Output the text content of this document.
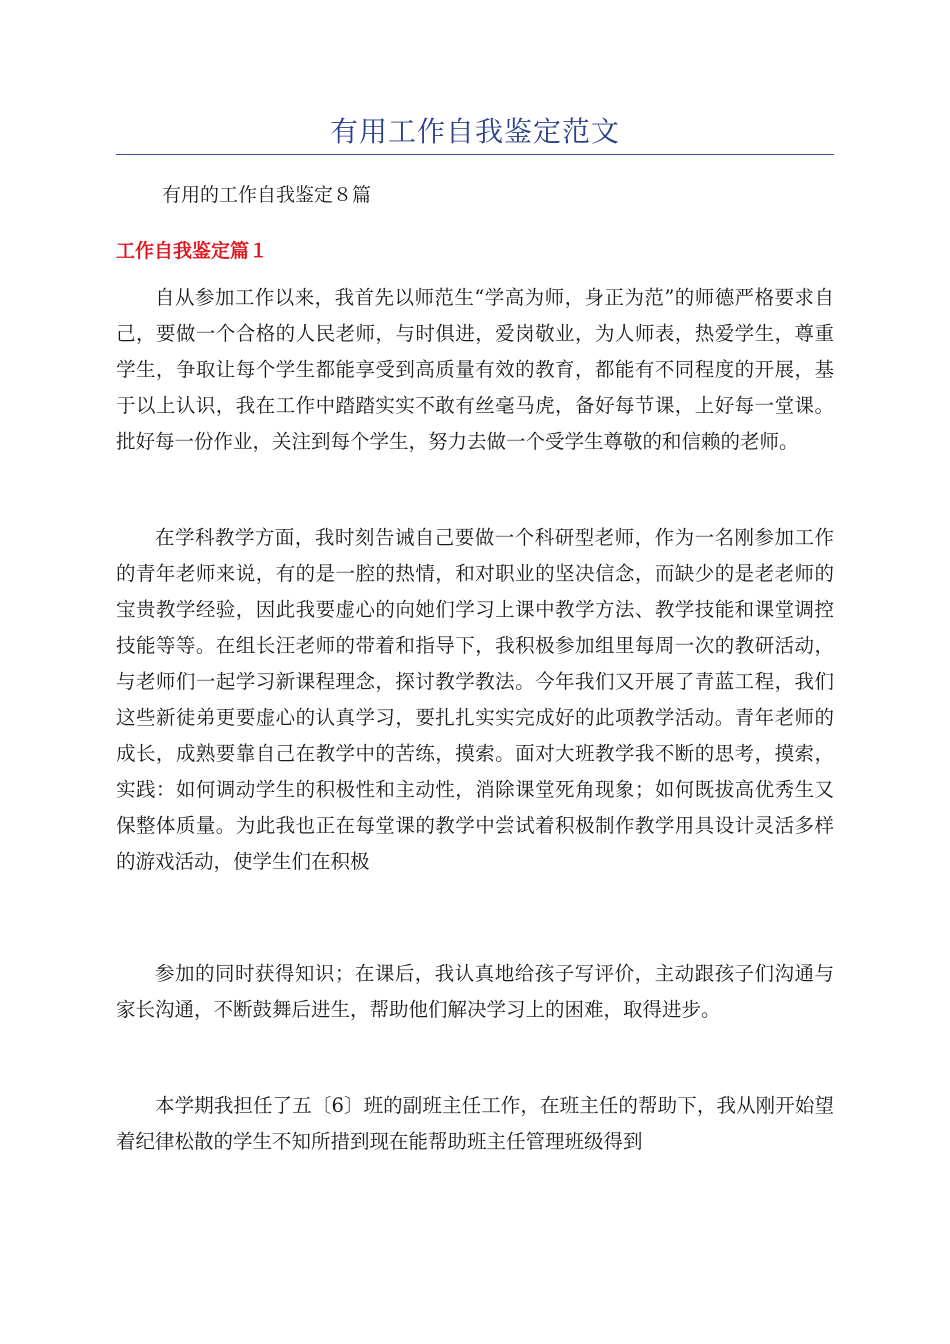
有用工作自我鉴定范文

有用的工作自我鉴定８篇

工作自我鉴定篇１

自从参加工作以来，我首先以师范生“学高为师，身正为范”的师德严格要求自己，要做一个合格的人民老师，与时俱进，爱岗敬业，为人师表，热爱学生，尊重学生，争取让每个学生都能享受到高质量有效的教育，都能有不同程度的开展，基于以上认识，我在工作中踏踏实实不敢有丝毫马虎，备好每节课，上好每一堂课。批好每一份作业，关注到每个学生，努力去做一个受学生尊敬的和信赖的老师。

在学科教学方面，我时刻告诫自己要做一个科研型老师，作为一名刚参加工作的青年老师来说，有的是一腔的热情，和对职业的坚决信念，而缺少的是老老师的宝贵教学经验，因此我要虚心的向她们学习上课中教学方法、教学技能和课堂调控技能等等。在组长汪老师的带着和指导下，我积极参加组里每周一次的教研活动，与老师们一起学习新课程理念，探讨教学教法。今年我们又开展了青蓝工程，我们这些新徒弟更要虚心的认真学习，要扎扎实实完成好的此项教学活动。青年老师的成长，成熟要靠自己在教学中的苦练，摸索。面对大班教学我不断的思考，摸索，实践：如何调动学生的积极性和主动性，消除课堂死角现象；如何既拔高优秀生又保整体质量。为此我也正在每堂课的教学中尝试着积极制作教学用具设计灵活多样的游戏活动，使学生们在积极

参加的同时获得知识；在课后，我认真地给孩子写评价，主动跟孩子们沟通与家长沟通，不断鼓舞后进生，帮助他们解决学习上的困难，取得进步。

本学期我担任了五〔6〕班的副班主任工作，在班主任的帮助下，我从刚开始望着纪律松散的学生不知所措到现在能帮助班主任管理班级得到
